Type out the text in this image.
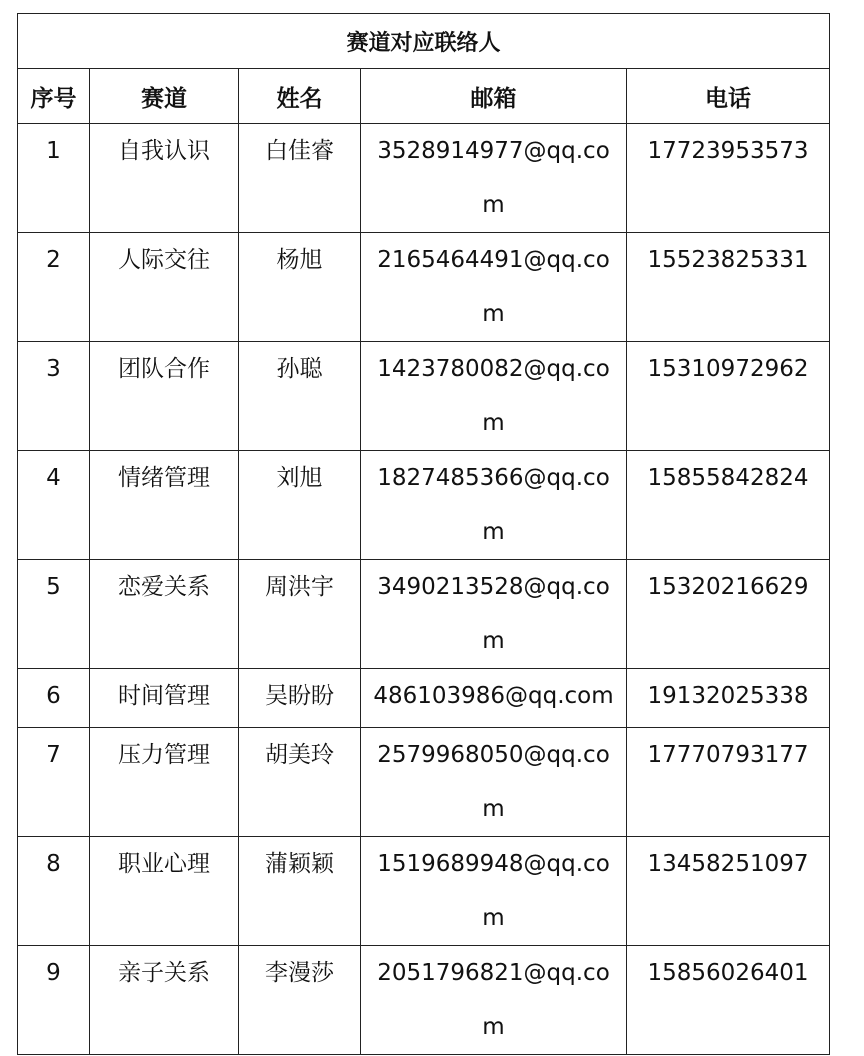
赛道对应联络人				
序号	赛道	姓名	邮箱	电话
1	自我认识	白佳睿	3528914977@qq.com	17723953573
2	人际交往	杨旭	2165464491@qq.com	15523825331
3	团队合作	孙聪	1423780082@qq.com	15310972962
4	情绪管理	刘旭	1827485366@qq.com	15855842824
5	恋爱关系	周洪宇	3490213528@qq.com	15320216629
6	时间管理	吴盼盼	486103986@qq.com	19132025338
7	压力管理	胡美玲	2579968050@qq.com	17770793177
8	职业心理	蒲颖颖	1519689948@qq.com	13458251097
9	亲子关系	李漫莎	2051796821@qq.com	15856026401
